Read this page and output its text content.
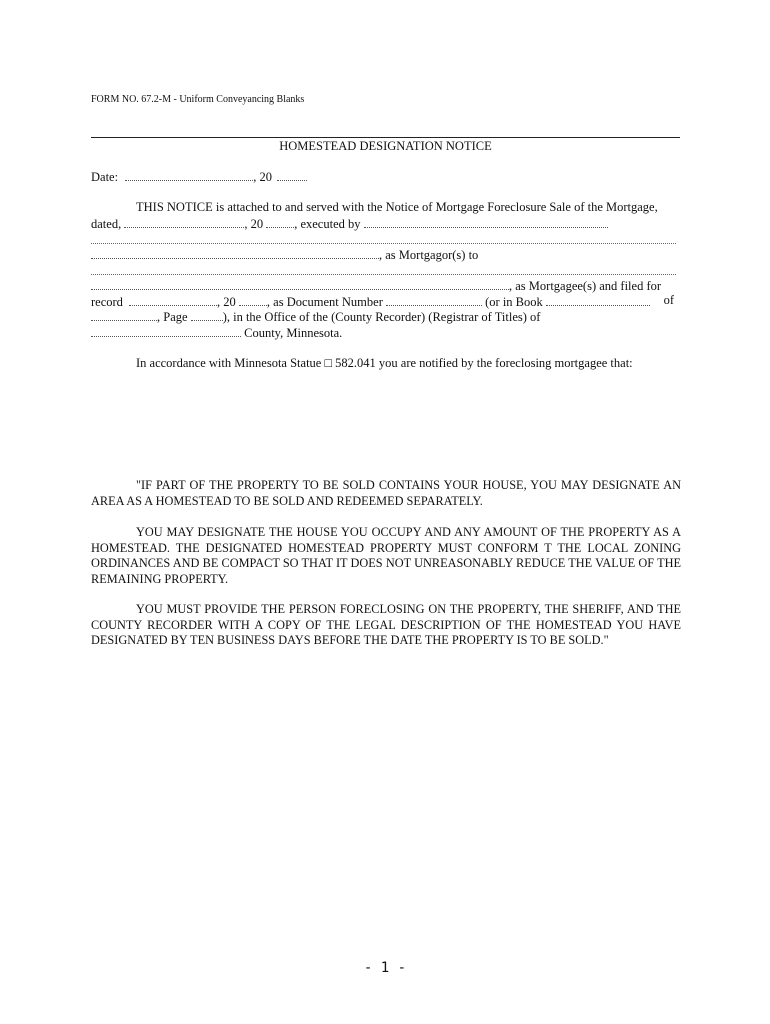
FORM NO. 67.2-M - Uniform Conveyancing Blanks
HOMESTEAD DESIGNATION NOTICE
Date:	, 20
THIS NOTICE is attached to and served with the Notice of Mortgage Foreclosure Sale of the Mortgage,
dated,	, 20 , executed by
, as Mortgagor(s) to
, as Mortgagee(s) and filed for
record	, 20 , as Document Number	(or in Book	of
, Page	), in the Office of the (County Recorder) (Registrar of Titles) of
County, Minnesota.
In accordance with Minnesota Statue □ 582.041 you are notified by the foreclosing mortgagee that:

"IF PART OF THE PROPERTY TO BE SOLD CONTAINS YOUR HOUSE, YOU MAY DESIGNATE AN AREA AS A HOMESTEAD TO BE SOLD AND REDEEMED SEPARATELY.

YOU MAY DESIGNATE THE HOUSE YOU OCCUPY AND ANY AMOUNT OF THE PROPERTY AS A HOMESTEAD. THE DESIGNATED HOMESTEAD PROPERTY MUST CONFORM T THE LOCAL ZONING ORDINANCES AND BE COMPACT SO THAT IT DOES NOT UNREASONABLY REDUCE THE VALUE OF THE REMAINING PROPERTY.

YOU MUST PROVIDE THE PERSON FORECLOSING ON THE PROPERTY, THE SHERIFF, AND THE COUNTY RECORDER WITH A COPY OF THE LEGAL DESCRIPTION OF THE HOMESTEAD YOU HAVE DESIGNATED BY TEN BUSINESS DAYS BEFORE THE DATE THE PROPERTY IS TO BE SOLD."

- 1 -
